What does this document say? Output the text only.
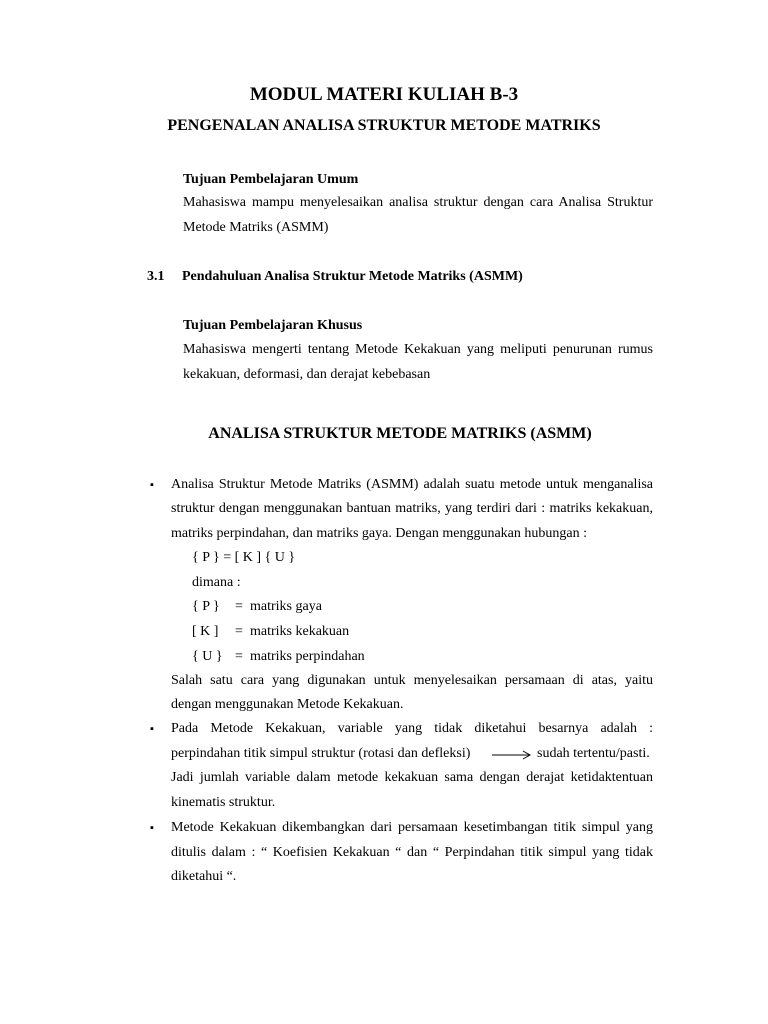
MODUL MATERI KULIAH B-3
PENGENALAN ANALISA STRUKTUR METODE MATRIKS
Tujuan Pembelajaran Umum
Mahasiswa mampu menyelesaikan analisa struktur dengan cara Analisa Struktur
Metode Matriks (ASMM)
3.1 Pendahuluan Analisa Struktur Metode Matriks (ASMM)
Tujuan Pembelajaran Khusus
Mahasiswa mengerti tentang Metode Kekakuan yang meliputi penurunan rumus
kekakuan, deformasi, dan derajat kebebasan
ANALISA STRUKTUR METODE MATRIKS (ASMM)
▪ Analisa Struktur Metode Matriks (ASMM) adalah suatu metode untuk menganalisa
struktur dengan menggunakan bantuan matriks, yang terdiri dari : matriks kekakuan,
matriks perpindahan, dan matriks gaya. Dengan menggunakan hubungan :
{ P } = [ K ] { U }
dimana :
{ P } = matriks gaya
[ K ] = matriks kekakuan
{ U } = matriks perpindahan
Salah satu cara yang digunakan untuk menyelesaikan persamaan di atas, yaitu
dengan menggunakan Metode Kekakuan.
▪ Pada Metode Kekakuan, variable yang tidak diketahui besarnya adalah :
perpindahan titik simpul struktur (rotasi dan defleksi)	sudah tertentu/pasti.
Jadi jumlah variable dalam metode kekakuan sama dengan derajat ketidaktentuan
kinematis struktur.
▪ Metode Kekakuan dikembangkan dari persamaan kesetimbangan titik simpul yang
ditulis dalam : “ Koefisien Kekakuan “ dan “ Perpindahan titik simpul yang tidak
diketahui “.
